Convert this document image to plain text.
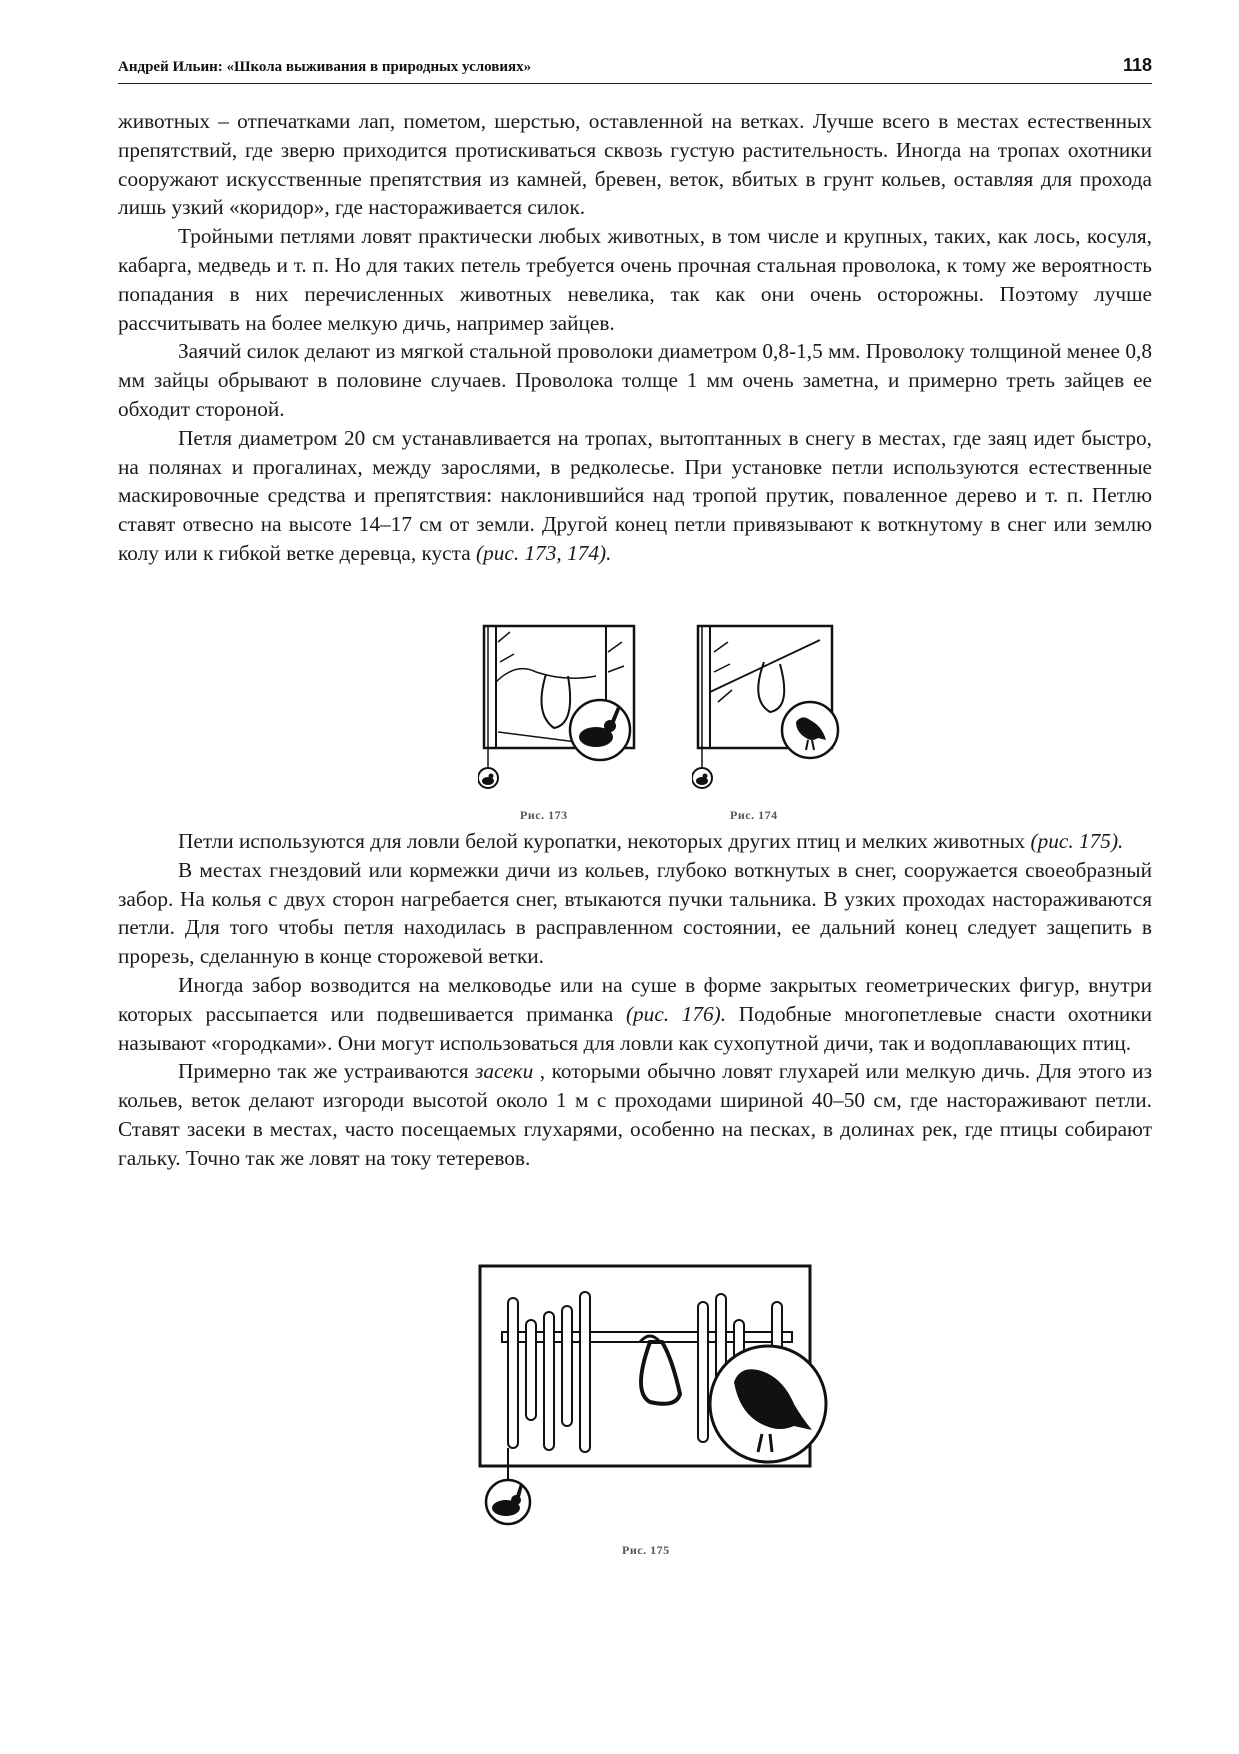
Андрей Ильин: «Школа выживания в природных условиях»	118

животных – отпечатками лап, пометом, шерстью, оставленной на ветках. Лучше всего в местах естественных препятствий, где зверю приходится протискиваться сквозь густую растительность. Иногда на тропах охотники сооружают искусственные препятствия из камней, бревен, веток, вбитых в грунт кольев, оставляя для прохода лишь узкий «коридор», где настораживается силок.

Тройными петлями ловят практически любых животных, в том числе и крупных, таких, как лось, косуля, кабарга, медведь и т. п. Но для таких петель требуется очень прочная стальная проволока, к тому же вероятность попадания в них перечисленных животных невелика, так как они очень осторожны. Поэтому лучше рассчитывать на более мелкую дичь, например зайцев.

Заячий силок делают из мягкой стальной проволоки диаметром 0,8-1,5 мм. Проволоку толщиной менее 0,8 мм зайцы обрывают в половине случаев. Проволока толще 1 мм очень заметна, и примерно треть зайцев ее обходит стороной.

Петля диаметром 20 см устанавливается на тропах, вытоптанных в снегу в местах, где заяц идет быстро, на полянах и прогалинах, между зарослями, в редколесье. При установке петли используются естественные маскировочные средства и препятствия: наклонившийся над тропой прутик, поваленное дерево и т. п. Петлю ставят отвесно на высоте 14–17 см от земли. Другой конец петли привязывают к воткнутому в снег или землю колу или к гибкой ветке деревца, куста (рис. 173, 174).

Рис. 173	Рис. 174

Петли используются для ловли белой куропатки, некоторых других птиц и мелких животных (рис. 175).

В местах гнездовий или кормежки дичи из кольев, глубоко воткнутых в снег, сооружается своеобразный забор. На колья с двух сторон нагребается снег, втыкаются пучки тальника. В узких проходах настораживаются петли. Для того чтобы петля находилась в расправленном состоянии, ее дальний конец следует защепить в прорезь, сделанную в конце сторожевой ветки.

Иногда забор возводится на мелководье или на суше в форме закрытых геометрических фигур, внутри которых рассыпается или подвешивается приманка (рис. 176). Подобные многопетлевые снасти охотники называют «городками». Они могут использоваться для ловли как сухопутной дичи, так и водоплавающих птиц.

Примерно так же устраиваются засеки , которыми обычно ловят глухарей или мелкую дичь. Для этого из кольев, веток делают изгороди высотой около 1 м с проходами шириной 40–50 см, где настораживают петли. Ставят засеки в местах, часто посещаемых глухарями, особенно на песках, в долинах рек, где птицы собирают гальку. Точно так же ловят на току тетеревов.

Рис. 175
